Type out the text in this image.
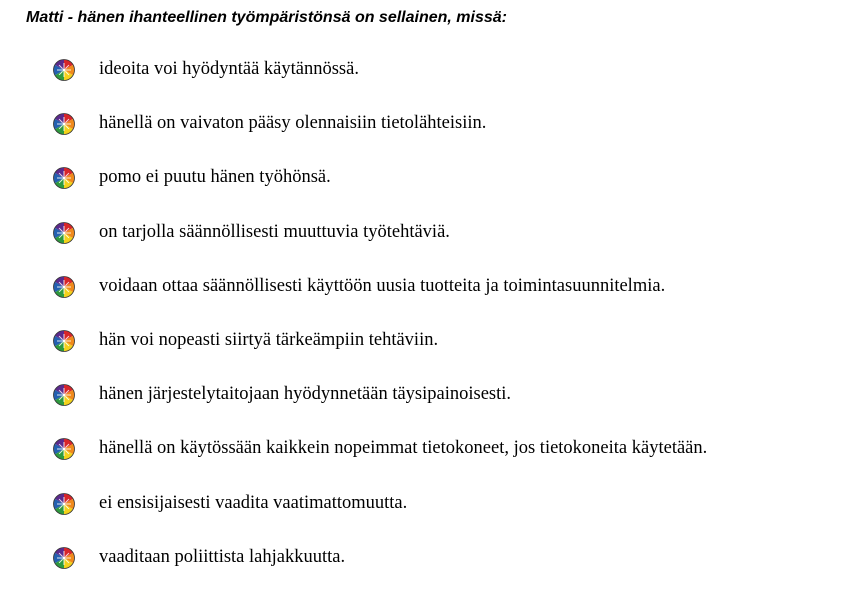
Matti - hänen ihanteellinen työmpäristönsä on sellainen, missä:

ideoita voi hyödyntää käytännössä.
hänellä on vaivaton pääsy olennaisiin tietolähteisiin.
pomo ei puutu hänen työhönsä.
on tarjolla säännöllisesti muuttuvia työtehtäviä.
voidaan ottaa säännöllisesti käyttöön uusia tuotteita ja toimintasuunnitelmia.
hän voi nopeasti siirtyä tärkeämpiin tehtäviin.
hänen järjestelytaitojaan hyödynnetään täysipainoisesti.
hänellä on käytössään kaikkein nopeimmat tietokoneet, jos tietokoneita käytetään.
ei ensisijaisesti vaadita vaatimattomuutta.
vaaditaan poliittista lahjakkuutta.
